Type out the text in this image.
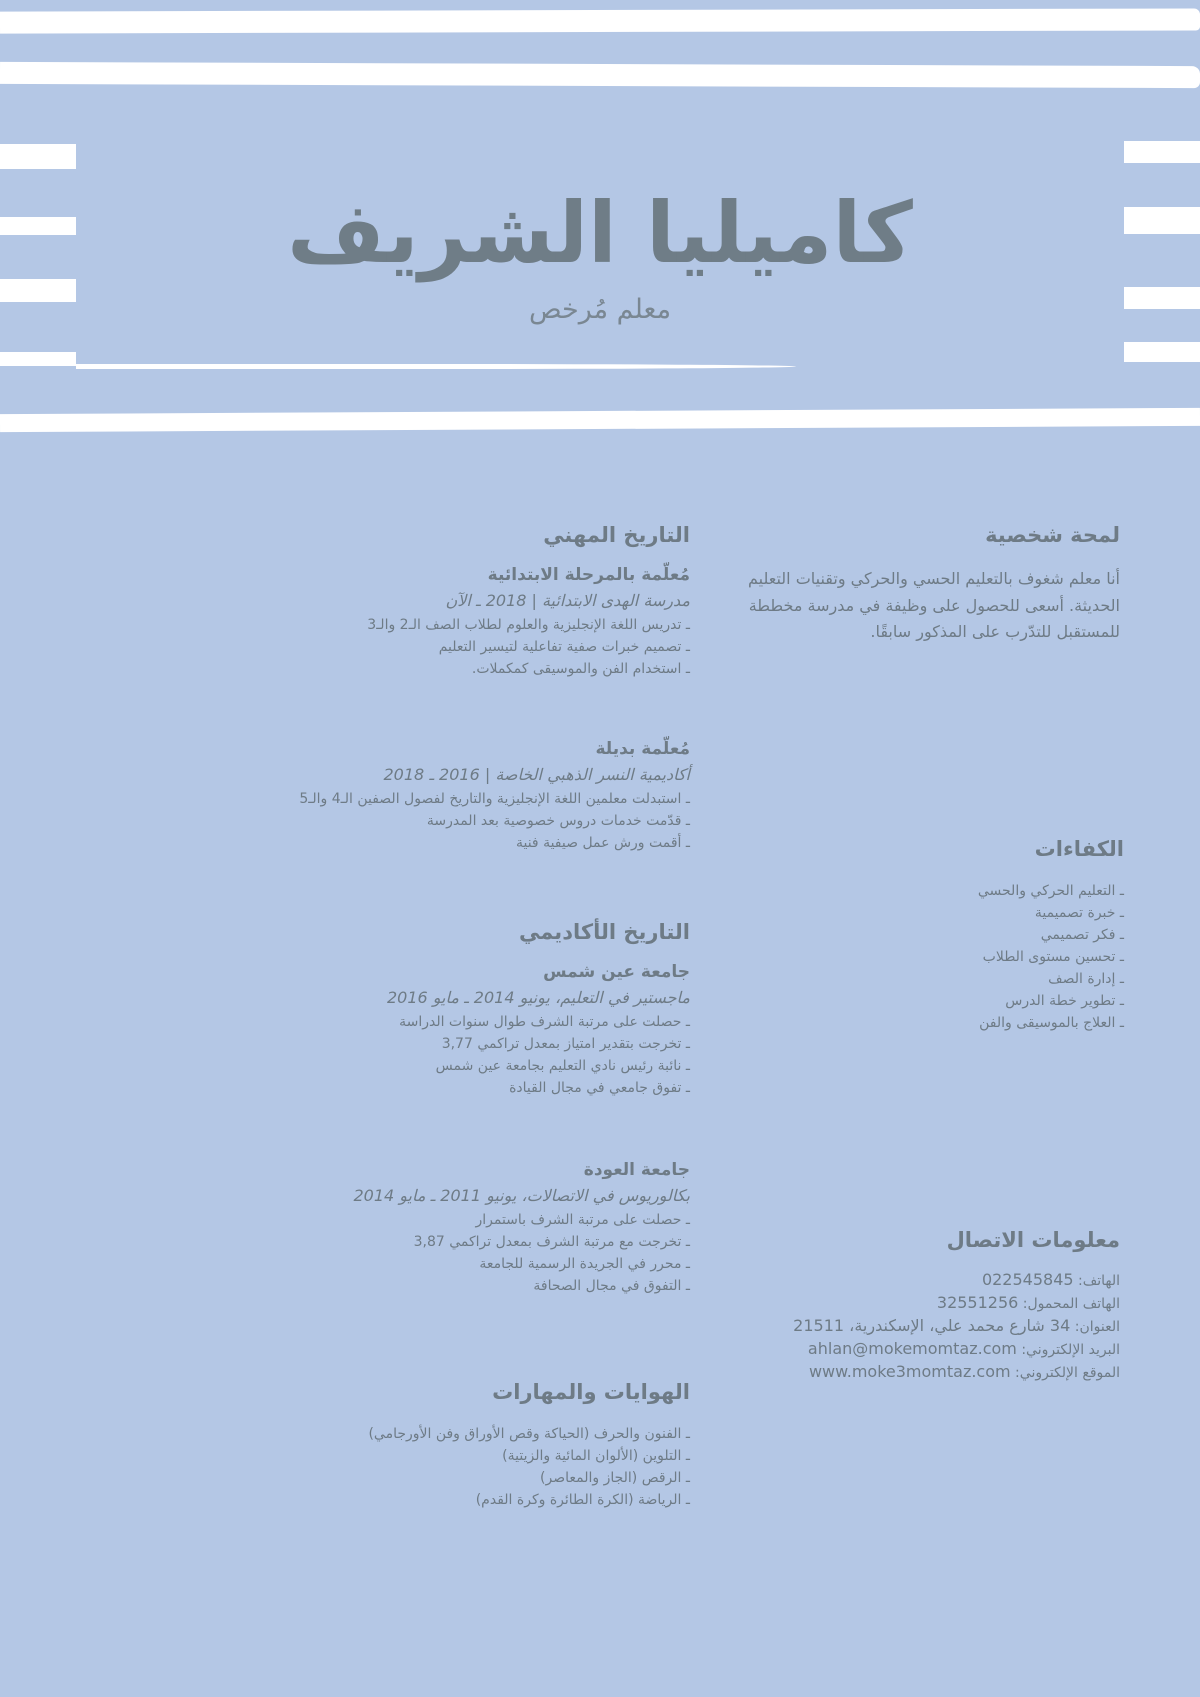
كاميليا الشريف
معلم مُرخص
لمحة شخصية

أنا معلم شغوف بالتعليم الحسي والحركي وتقنيات التعليم الحديثة. أسعى للحصول على وظيفة في مدرسة مخططة للمستقبل للتدّرب على المذكور سابقًا.

الكفاءات
ـ التعليم الحركي والحسي
ـ خبرة تصميمية
ـ فكر تصميمي
ـ تحسين مستوى الطلاب
ـ إدارة الصف
ـ تطوير خطة الدرس
ـ العلاج بالموسيقى والفن
معلومات الاتصال
الهاتف: 022545845
الهاتف المحمول: 32551256
العنوان: 34 شارع محمد علي، الإسكندرية، 21511
البريد الإلكتروني: ahlan@mokemomtaz.com
الموقع الإلكتروني: www.moke3momtaz.com
التاريخ المهني
مُعلّمة بالمرحلة الابتدائية
مدرسة الهدى الابتدائية | 2018 ـ الآن
ـ تدريس اللغة الإنجليزية والعلوم لطلاب الصف الـ2 والـ3
ـ تصميم خبرات صفية تفاعلية لتيسير التعليم
ـ استخدام الفن والموسيقى كمكملات.
مُعلّمة بديلة
أكاديمية النسر الذهبي الخاصة | 2016 ـ 2018
ـ استبدلت معلمين اللغة الإنجليزية والتاريخ لفصول الصفين الـ4 والـ5
ـ قدّمت خدمات دروس خصوصية بعد المدرسة
ـ أقمت ورش عمل صيفية فنية
التاريخ الأكاديمي
جامعة عين شمس
ماجستير في التعليم، يونيو 2014 ـ مايو 2016
ـ حصلت على مرتبة الشرف طوال سنوات الدراسة
ـ تخرجت بتقدير امتياز بمعدل تراكمي 3,77
ـ نائبة رئيس نادي التعليم بجامعة عين شمس
ـ تفوق جامعي في مجال القيادة
جامعة العودة
بكالوريوس في الاتصالات، يونيو 2011 ـ مايو 2014
ـ حصلت على مرتبة الشرف باستمرار
ـ تخرجت مع مرتبة الشرف بمعدل تراكمي 3,87
ـ محرر في الجريدة الرسمية للجامعة
ـ التفوق في مجال الصحافة
الهوايات والمهارات
ـ الفنون والحرف (الحياكة وقص الأوراق وفن الأورجامي)
ـ التلوين (الألوان المائية والزيتية)
ـ الرقص (الجاز والمعاصر)
ـ الرياضة (الكرة الطائرة وكرة القدم)
